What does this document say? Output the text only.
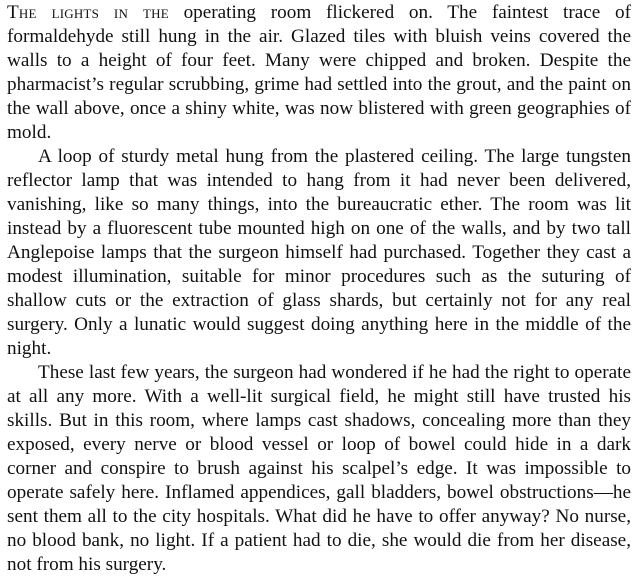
The lights in the operating room flickered on. The faintest trace of formaldehyde still hung in the air. Glazed tiles with bluish veins covered the walls to a height of four feet. Many were chipped and broken. Despite the pharmacist’s regular scrubbing, grime had settled into the grout, and the paint on the wall above, once a shiny white, was now blistered with green geographies of mold.

A loop of sturdy metal hung from the plastered ceiling. The large tungsten reflector lamp that was intended to hang from it had never been delivered, vanishing, like so many things, into the bureaucratic ether. The room was lit instead by a fluorescent tube mounted high on one of the walls, and by two tall Anglepoise lamps that the surgeon himself had purchased. Together they cast a modest illumination, suitable for minor procedures such as the suturing of shallow cuts or the extraction of glass shards, but certainly not for any real surgery. Only a lunatic would suggest doing anything here in the middle of the night.

These last few years, the surgeon had wondered if he had the right to operate at all any more. With a well-lit surgical field, he might still have trusted his skills. But in this room, where lamps cast shadows, concealing more than they exposed, every nerve or blood vessel or loop of bowel could hide in a dark corner and conspire to brush against his scalpel’s edge. It was impossible to operate safely here. Inflamed appendices, gall bladders, bowel obstructions—he sent them all to the city hospitals. What did he have to offer anyway? No nurse, no blood bank, no light. If a patient had to die, she would die from her disease, not from his surgery.
